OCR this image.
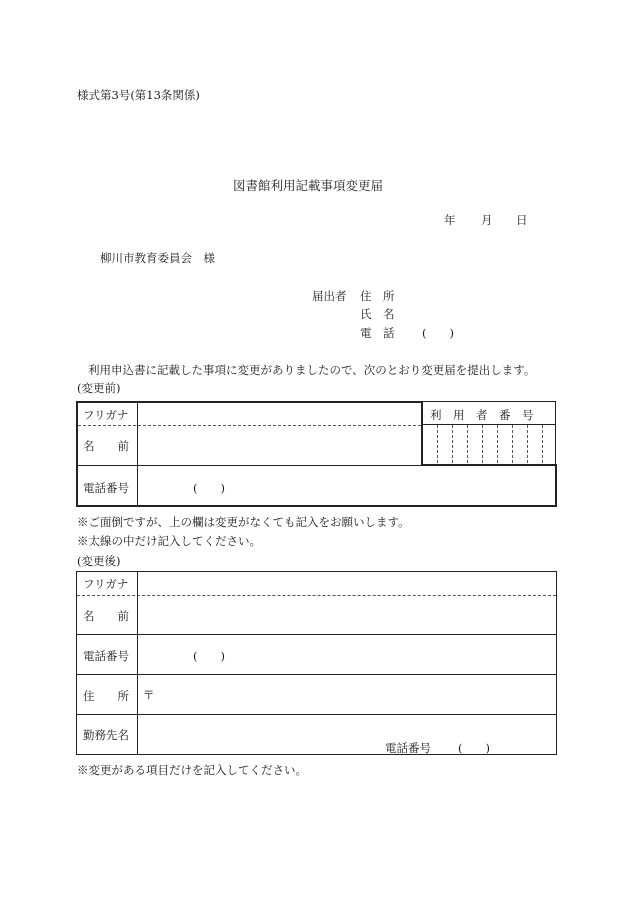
様式第3号(第13条関係)
図書館利用記載事項変更届
年 月 日
柳川市教育委員会　様
届出者 住　所
氏　名
電　話 (　　)
利用申込書に記載した事項に変更がありましたので、次のとおり変更届を提出します。
(変更前)
フリガナ
名　　前
電話番号	(　　)
利　用　者　番　号
※ご面倒ですが、上の欄は変更がなくても記入をお願いします。
※太線の中だけ記入してください。
(変更後)
フリガナ
名　　前
電話番号	(　　)
住　　所 〒
勤務先名
電話番号 (　　)
※変更がある項目だけを記入してください。
